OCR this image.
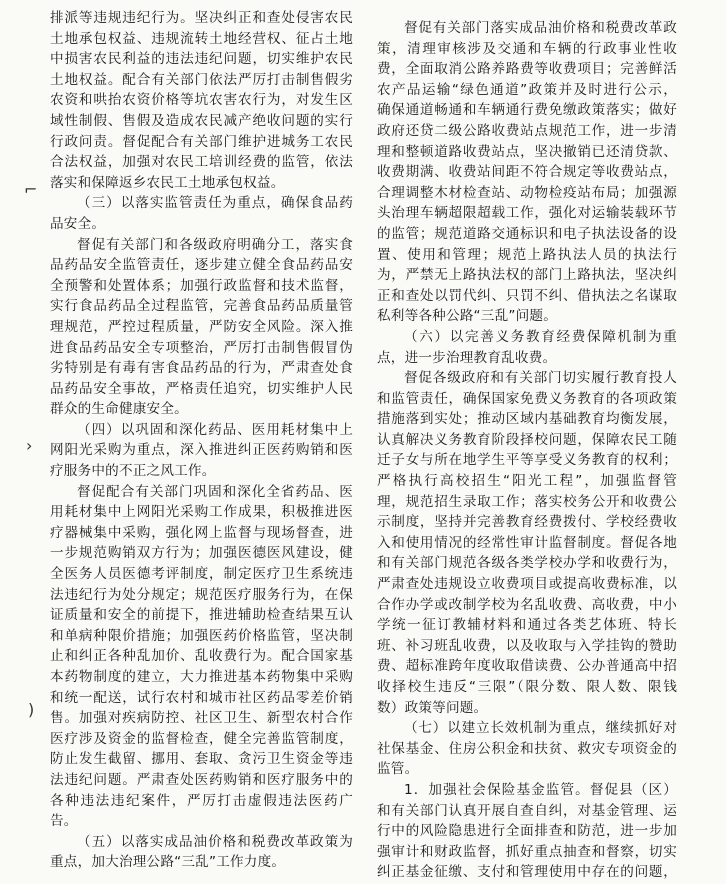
排派等违规违纪行为。坚决纠正和查处侵害农民
土地承包权益、违规流转土地经营权、征占土地
中损害农民利益的违法违纪问题，切实维护农民
土地权益。配合有关部门依法严厉打击制售假劣
农资和哄抬农资价格等坑农害农行为，对发生区
域性制假、售假及造成农民减产绝收问题的实行
行政问责。督促配合有关部门维护进城务工农民
合法权益，加强对农民工培训经费的监管，依法
落实和保障返乡农民工土地承包权益。
（三）以落实监管责任为重点，确保食品药
品安全。
督促有关部门和各级政府明确分工，落实食
品药品安全监管责任，逐步建立健全食品药品安
全预警和处置体系；加强行政监督和技术监督，
实行食品药品全过程监管，完善食品药品质量管
理规范，严控过程质量，严防安全风险。深入推
进食品药品安全专项整治，严厉打击制售假冒伪
劣特别是有毒有害食品药品的行为，严肃查处食
品药品安全事故，严格责任追究，切实维护人民
群众的生命健康安全。
（四）以巩固和深化药品、医用耗材集中上
网阳光采购为重点，深入推进纠正医药购销和医
疗服务中的不正之风工作。
督促配合有关部门巩固和深化全省药品、医
用耗材集中上网阳光采购工作成果，积极推进医
疗器械集中采购，强化网上监督与现场督查，进
一步规范购销双方行为；加强医德医风建设，健
全医务人员医德考评制度，制定医疗卫生系统违
法违纪行为处分规定；规范医疗服务行为，在保
证质量和安全的前提下，推进辅助检查结果互认
和单病种限价措施；加强医药价格监管，坚决制
止和纠正各种乱加价、乱收费行为。配合国家基
本药物制度的建立，大力推进基本药物集中采购
和统一配送，试行农村和城市社区药品零差价销
售。加强对疾病防控、社区卫生、新型农村合作
医疗涉及资金的监督检查，健全完善监管制度，
防止发生截留、挪用、套取、贪污卫生资金等违
法违纪问题。严肃查处医药购销和医疗服务中的
各种违法违纪案件，严厉打击虚假违法医药广
告。
（五）以落实成品油价格和税费改革政策为
重点，加大治理公路“三乱”工作力度。
督促有关部门落实成品油价格和税费改革政
策，清理审核涉及交通和车辆的行政事业性收
费，全面取消公路养路费等收费项目；完善鲜活
农产品运输“绿色通道”政策并及时进行公示，
确保通道畅通和车辆通行费免缴政策落实；做好
政府还贷二级公路收费站点规范工作，进一步清
理和整顿道路收费站点，坚决撤销已还清贷款、
收费期满、收费站间距不符合规定等收费站点，
合理调整木材检查站、动物检疫站布局；加强源
头治理车辆超限超载工作，强化对运输装载环节
的监管；规范道路交通标识和电子执法设备的设
置、使用和管理；规范上路执法人员的执法行
为，严禁无上路执法权的部门上路执法，坚决纠
正和查处以罚代纠、只罚不纠、借执法之名谋取
私利等各种公路“三乱”问题。
（六）以完善义务教育经费保障机制为重
点，进一步治理教育乱收费。
督促各级政府和有关部门切实履行教育投人
和监管责任，确保国家免费义务教育的各项政策
措施落到实处；推动区域内基础教育均衡发展，
认真解决义务教育阶段择校问题，保障农民工随
迁子女与所在地学生平等享受义务教育的权利；
严格执行高校招生“阳光工程”，加强监督管
理，规范招生录取工作；落实校务公开和收费公
示制度，坚持并完善教育经费拨付、学校经费收
入和使用情况的经常性审计监督制度。督促各地
和有关部门规范各级各类学校办学和收费行为，
严肃查处违规设立收费项目或提高收费标准，以
合作办学或改制学校为名乱收费、高收费，中小
学统一征订教辅材料和通过各类艺体班、特长
班、补习班乱收费，以及收取与入学挂钩的赞助
费、超标准跨年度收取借读费、公办普通高中招
收择校生违反“三限”（限分数、限人数、限钱
数）政策等问题。
（七）以建立长效机制为重点，继续抓好对
社保基金、住房公积金和扶贫、救灾专项资金的
监管。
1．加强社会保险基金监管。督促县（区）
和有关部门认真开展自查自纠，对基金管理、运
行中的风险隐患进行全面排查和防范，进一步加
强审计和财政监督，抓好重点抽查和督察，切实
纠正基金征缴、支付和管理使用中存在的问题，
⌐
›
)
